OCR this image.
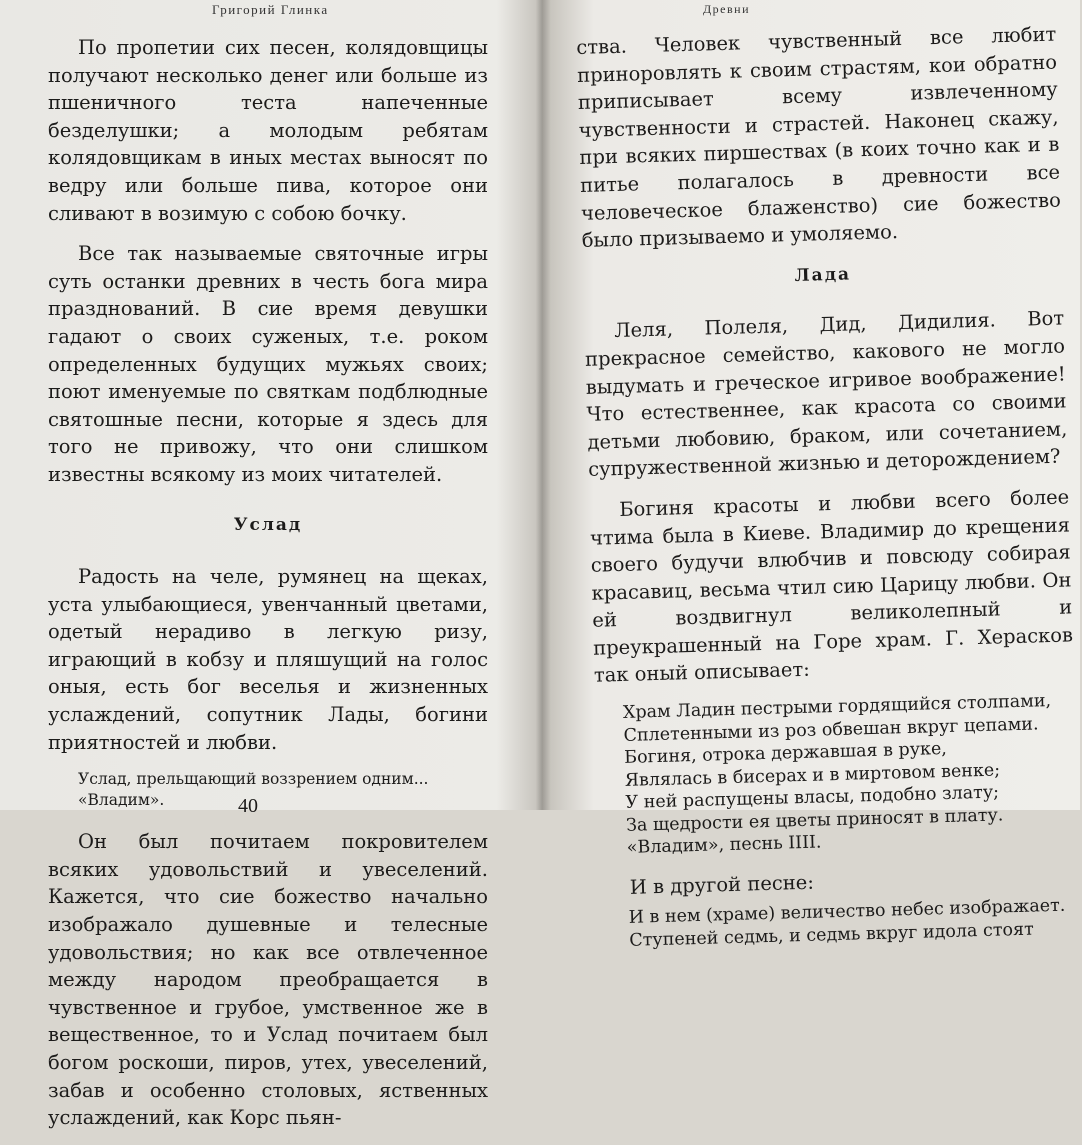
Григорий Глинка

По пропетии сих песен, колядовщицы получают несколько денег или больше из пшеничного теста напеченные безделушки; а молодым ребятам колядовщикам в иных местах выносят по ведру или больше пива, которое они сливают в возимую с собою бочку.

Все так называемые святочные игры суть останки древних в честь бога мира празднований. В сие время девушки гадают о своих суженых, т.е. роком определенных будущих мужьях своих; поют именуемые по святкам подблюдные святошные песни, которые я здесь для того не привожу, что они слишком известны всякому из моих читателей.

Услад

Радость на челе, румянец на щеках, уста улыбающиеся, увенчанный цветами, одетый нерадиво в легкую ризу, играющий в кобзу и пляшущий на голос оныя, есть бог веселья и жизненных услаждений, сопутник Лады, богини приятностей и любви.

Услад, прельщающий воззрением одним...
«Владим».

Он был почитаем покровителем всяких удовольствий и увеселений. Кажется, что сие божество начально изображало душевные и телесные удовольствия; но как все отвлеченное между народом преобращается в чувственное и грубое, умственное же в вещественное, то и Услад почитаем был богом роскоши, пиров, утех, увеселений, забав и особенно столовых, яственных услаждений, как Корс пьян-

40
Древни

ства. Человек чувственный все любит приноровлять к своим страстям, кои обратно приписывает всему извлеченному чувственности и страстей. Наконец скажу, при всяких пиршествах (в коих точно как и в питье полагалось в древности все человеческое блаженство) сие божество было призываемо и умоляемо.

Лада

Леля, Полеля, Дид, Дидилия. Вот прекрасное семейство, какового не могло выдумать и гречеcкое игривое воображение! Что естественнее, как красота со своими детьми любовию, браком, или сочетанием, супружественной жизнью и деторождением?

Богиня красоты и любви всего более чтима была в Киеве. Владимир до крещения своего будучи влюбчив и повсюду собирая красавиц, весьма чтил сию Царицу любви. Он ей воздвигнул великолепный и преукрашенный на Горе храм. Г. Херасков так оный описывает:

Храм Ладин пестрыми гордящийся столпами,
Сплетенными из роз обвешан вкруг цепами.
Богиня, отрока державшая в руке,
Являлась в бисерах и в миртовом венке;
У ней распущены власы, подобно злату;
За щедрости ея цветы приносят в плату.
«Владим», песнь IIII.

И в другой песне:

И в нем (храме) величество небес изображает.
Ступеней седмь, и седмь вкруг идола стоят
